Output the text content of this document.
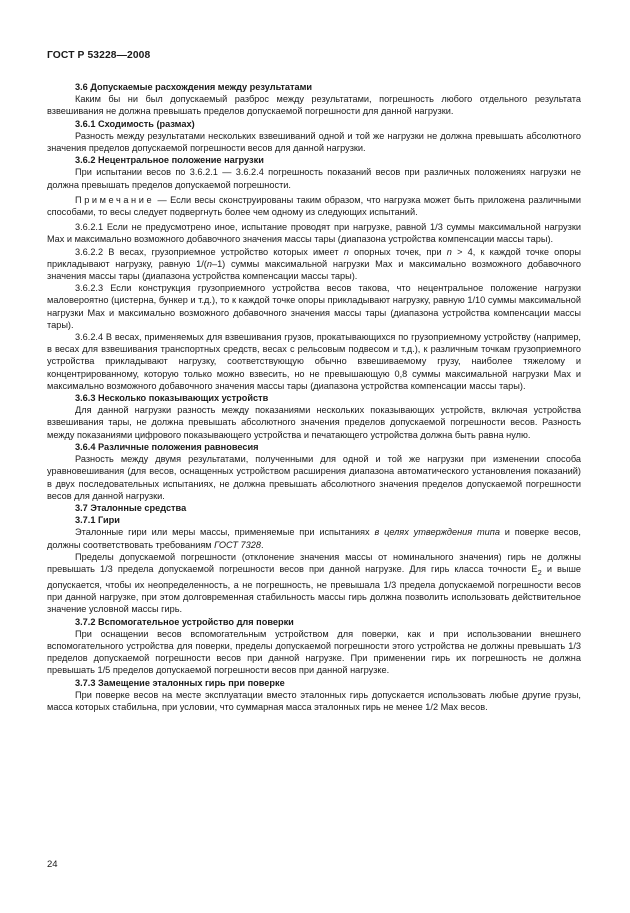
ГОСТ Р 53228—2008

3.6 Допускаемые расхождения между результатами

Каким бы ни был допускаемый разброс между результатами, погрешность любого отдельного результата взвешивания не должна превышать пределов допускаемой погрешности для данной нагрузки.

3.6.1 Сходимость (размах)

Разность между результатами нескольких взвешиваний одной и той же нагрузки не должна превышать абсолютного значения пределов допускаемой погрешности весов для данной нагрузки.

3.6.2 Нецентральное положение нагрузки

При испытании весов по 3.6.2.1 — 3.6.2.4 погрешность показаний весов при различных положениях нагрузки не должна превышать пределов допускаемой погрешности.

Примечание — Если весы сконструированы таким образом, что нагрузка может быть приложена различными способами, то весы следует подвергнуть более чем одному из следующих испытаний.

3.6.2.1 Если не предусмотрено иное, испытание проводят при нагрузке, равной 1/3 суммы максимальной нагрузки Max и максимально возможного добавочного значения массы тары (диапазона устройства компенсации массы тары).

3.6.2.2 В весах, грузоприемное устройство которых имеет n опорных точек, при n > 4, к каждой точке опоры прикладывают нагрузку, равную 1/(n–1) суммы максимальной нагрузки Max и максимально возможного добавочного значения массы тары (диапазона устройства компенсации массы тары).

3.6.2.3 Если конструкция грузоприемного устройства весов такова, что нецентральное положение нагрузки маловероятно (цистерна, бункер и т.д.), то к каждой точке опоры прикладывают нагрузку, равную 1/10 суммы максимальной нагрузки Max и максимально возможного добавочного значения массы тары (диапазона устройства компенсации массы тары).

3.6.2.4 В весах, применяемых для взвешивания грузов, прокатывающихся по грузоприемному устройству (например, в весах для взвешивания транспортных средств, весах с рельсовым подвесом и т.д.), к различным точкам грузоприемного устройства прикладывают нагрузку, соответствующую обычно взвешиваемому грузу, наиболее тяжелому и концентрированному, которую только можно взвесить, но не превышающую 0,8 суммы максимальной нагрузки Max и максимально возможного добавочного значения массы тары (диапазона устройства компенсации массы тары).

3.6.3 Несколько показывающих устройств

Для данной нагрузки разность между показаниями нескольких показывающих устройств, включая устройства взвешивания тары, не должна превышать абсолютного значения пределов допускаемой погрешности весов. Разность между показаниями цифрового показывающего устройства и печатающего устройства должна быть равна нулю.

3.6.4 Различные положения равновесия

Разность между двумя результатами, полученными для одной и той же нагрузки при изменении способа уравновешивания (для весов, оснащенных устройством расширения диапазона автоматического установления показаний) в двух последовательных испытаниях, не должна превышать абсолютного значения пределов допускаемой погрешности весов для данной нагрузки.

3.7 Эталонные средства

3.7.1 Гири

Эталонные гири или меры массы, применяемые при испытаниях в целях утверждения типа и поверке весов, должны соответствовать требованиям ГОСТ 7328.

Пределы допускаемой погрешности (отклонение значения массы от номинального значения) гирь не должны превышать 1/3 предела допускаемой погрешности весов при данной нагрузке. Для гирь класса точности $E_2$ и выше допускается, чтобы их неопределенность, а не погрешность, не превышала 1/3 предела допускаемой погрешности весов при данной нагрузке, при этом долговременная стабильность массы гирь должна позволить использовать действительное значение условной массы гирь.

3.7.2 Вспомогательное устройство для поверки

При оснащении весов вспомогательным устройством для поверки, как и при использовании внешнего вспомогательного устройства для поверки, пределы допускаемой погрешности этого устройства не должны превышать 1/3 пределов допускаемой погрешности весов при данной нагрузке. При применении гирь их погрешность не должна превышать 1/5 пределов допускаемой погрешности весов при данной нагрузке.

3.7.3 Замещение эталонных гирь при поверке

При поверке весов на месте эксплуатации вместо эталонных гирь допускается использовать любые другие грузы, масса которых стабильна, при условии, что суммарная масса эталонных гирь не менее 1/2 Max весов.

24
